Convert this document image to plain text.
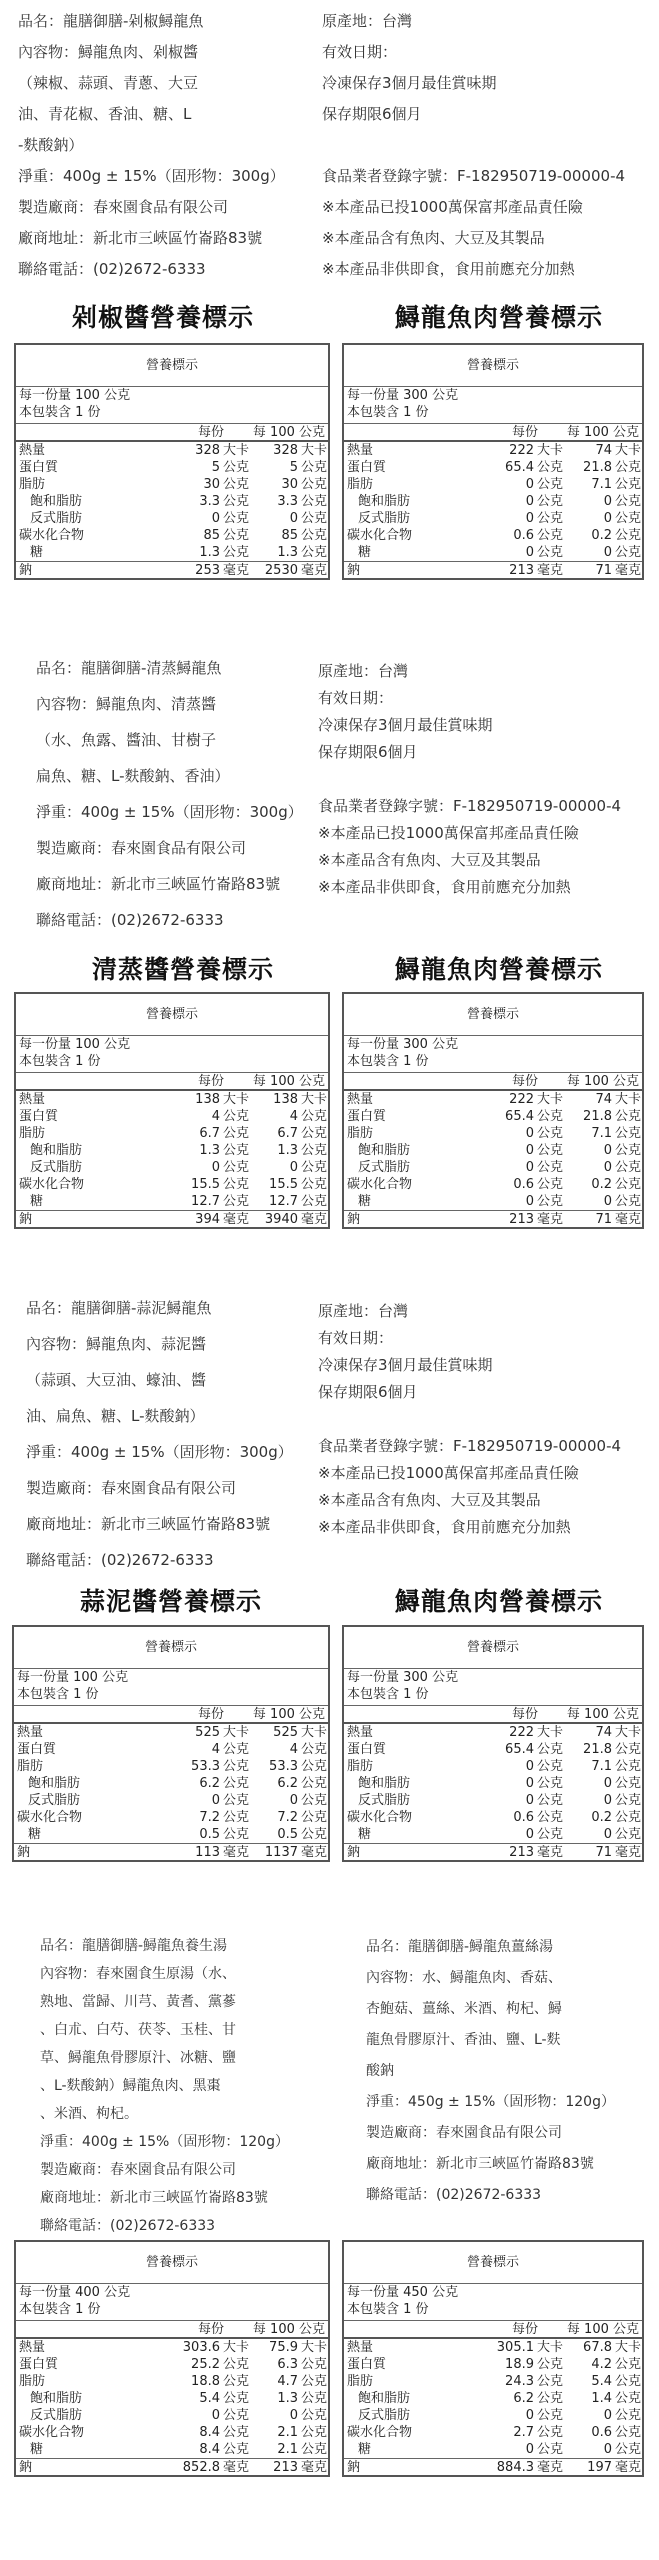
品名：龍膳御膳-剁椒鱘龍魚
內容物：鱘龍魚肉、剁椒醬
（辣椒、蒜頭、青蔥、大豆
油、青花椒、香油、糖、L
-麩酸鈉）
淨重：400g ± 15%（固形物：300g）
製造廠商：春來園食品有限公司
廠商地址：新北市三峽區竹崙路83號
聯絡電話：(02)2672-6333
原產地：台灣
有效日期：
冷凍保存3個月最佳賞味期
保存期限6個月

食品業者登錄字號：F-182950719-00000-4
※本產品已投1000萬保富邦產品責任險
※本產品含有魚肉、大豆及其製品
※本產品非供即食，食用前應充分加熱
剁椒醬營養標示	鱘龍魚肉營養標示
營養標示
每一份量 100 公克
本包裝含 1 份
每份	每 100 公克
熱量	328 大卡 328 大卡
蛋白質	5 公克	5 公克
脂肪	30 公克 30 公克
飽和脂肪	3.3 公克 3.3 公克
反式脂肪	0 公克	0 公克
碳水化合物	85 公克 85 公克
糖	1.3 公克 1.3 公克
鈉	253 毫克 2530 毫克
營養標示
每一份量 300 公克
本包裝含 1 份
每份	每 100 公克
熱量	222 大卡 74 大卡
蛋白質	65.4 公克 21.8 公克
脂肪	0 公克 7.1 公克
飽和脂肪	0 公克	0 公克
反式脂肪	0 公克	0 公克
碳水化合物	0.6 公克 0.2 公克
糖	0 公克	0 公克
鈉	213 毫克 71 毫克
品名：龍膳御膳-清蒸鱘龍魚
內容物：鱘龍魚肉、清蒸醬
（水、魚露、醬油、甘樹子
扁魚、糖、L-麩酸鈉、香油）
淨重：400g ± 15%（固形物：300g）
製造廠商：春來園食品有限公司
廠商地址：新北市三峽區竹崙路83號
聯絡電話：(02)2672-6333
原產地：台灣
有效日期：
冷凍保存3個月最佳賞味期
保存期限6個月

食品業者登錄字號：F-182950719-00000-4
※本產品已投1000萬保富邦產品責任險
※本產品含有魚肉、大豆及其製品
※本產品非供即食，食用前應充分加熱
清蒸醬營養標示	鱘龍魚肉營養標示
營養標示
每一份量 100 公克
本包裝含 1 份
每份	每 100 公克
熱量	138 大卡 138 大卡
蛋白質	4 公克	4 公克
脂肪	6.7 公克 6.7 公克
飽和脂肪	1.3 公克 1.3 公克
反式脂肪	0 公克	0 公克
碳水化合物	15.5 公克 15.5 公克
糖	12.7 公克 12.7 公克
鈉	394 毫克 3940 毫克
營養標示
每一份量 300 公克
本包裝含 1 份
每份	每 100 公克
熱量	222 大卡 74 大卡
蛋白質	65.4 公克 21.8 公克
脂肪	0 公克 7.1 公克
飽和脂肪	0 公克	0 公克
反式脂肪	0 公克	0 公克
碳水化合物	0.6 公克 0.2 公克
糖	0 公克	0 公克
鈉	213 毫克 71 毫克
品名：龍膳御膳-蒜泥鱘龍魚
內容物：鱘龍魚肉、蒜泥醬
（蒜頭、大豆油、蠔油、醬
油、扁魚、糖、L-麩酸鈉）
淨重：400g ± 15%（固形物：300g）
製造廠商：春來園食品有限公司
廠商地址：新北市三峽區竹崙路83號
聯絡電話：(02)2672-6333
原產地：台灣
有效日期：
冷凍保存3個月最佳賞味期
保存期限6個月

食品業者登錄字號：F-182950719-00000-4
※本產品已投1000萬保富邦產品責任險
※本產品含有魚肉、大豆及其製品
※本產品非供即食，食用前應充分加熱
蒜泥醬營養標示	鱘龍魚肉營養標示
營養標示
每一份量 100 公克
本包裝含 1 份
每份	每 100 公克
熱量	525 大卡 525 大卡
蛋白質	4 公克	4 公克
脂肪	53.3 公克 53.3 公克
飽和脂肪	6.2 公克 6.2 公克
反式脂肪	0 公克	0 公克
碳水化合物	7.2 公克 7.2 公克
糖	0.5 公克 0.5 公克
鈉	113 毫克 1137 毫克
營養標示
每一份量 300 公克
本包裝含 1 份
每份	每 100 公克
熱量	222 大卡 74 大卡
蛋白質	65.4 公克 21.8 公克
脂肪	0 公克 7.1 公克
飽和脂肪	0 公克	0 公克
反式脂肪	0 公克	0 公克
碳水化合物	0.6 公克 0.2 公克
糖	0 公克	0 公克
鈉	213 毫克 71 毫克
品名：龍膳御膳-鱘龍魚養生湯
內容物：春來園食生原湯（水、
熟地、當歸、川芎、黃耆、黨蔘
、白朮、白芍、茯苓、玉桂、甘
草、鱘龍魚骨膠原汁、冰糖、鹽
、L-麩酸鈉）鱘龍魚肉、黑棗
、米酒、枸杞。
淨重：400g ± 15%（固形物：120g）
製造廠商：春來園食品有限公司
廠商地址：新北市三峽區竹崙路83號
聯絡電話：(02)2672-6333
品名：龍膳御膳-鱘龍魚薑絲湯
內容物：水、鱘龍魚肉、香菇、
杏鮑菇、薑絲、米酒、枸杞、鱘
龍魚骨膠原汁、香油、鹽、L-麩
酸鈉
淨重：450g ± 15%（固形物：120g）
製造廠商：春來園食品有限公司
廠商地址：新北市三峽區竹崙路83號
聯絡電話：(02)2672-6333
營養標示
每一份量 400 公克
本包裝含 1 份
每份	每 100 公克
熱量	303.6 大卡 75.9 大卡
蛋白質	25.2 公克 6.3 公克
脂肪	18.8 公克 4.7 公克
飽和脂肪	5.4 公克 1.3 公克
反式脂肪	0 公克	0 公克
碳水化合物	8.4 公克 2.1 公克
糖	8.4 公克 2.1 公克
鈉	852.8 毫克 213 毫克
營養標示
每一份量 450 公克
本包裝含 1 份
每份	每 100 公克
熱量	305.1 大卡 67.8 大卡
蛋白質	18.9 公克 4.2 公克
脂肪	24.3 公克 5.4 公克
飽和脂肪	6.2 公克 1.4 公克
反式脂肪	0 公克	0 公克
碳水化合物	2.7 公克 0.6 公克
糖	0 公克	0 公克
鈉	884.3 毫克 197 毫克
